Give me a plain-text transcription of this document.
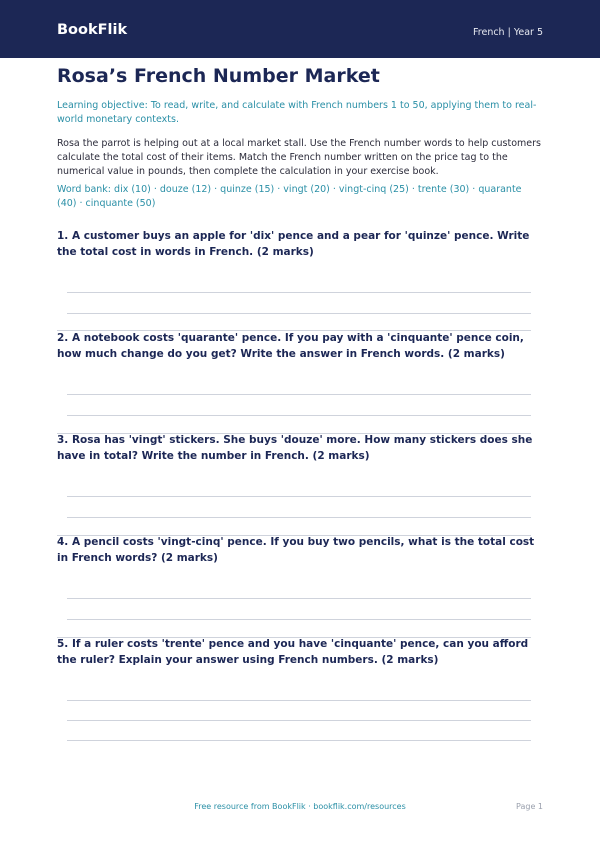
BookFlik	French | Year 5
Rosa’s French Number Market
Learning objective: To read, write, and calculate with French numbers 1 to 50, applying them to real-world monetary contexts.
Rosa the parrot is helping out at a local market stall. Use the French number words to help customers calculate the total cost of their items. Match the French number written on the price tag to the numerical value in pounds, then complete the calculation in your exercise book.
Word bank: dix (10) · douze (12) · quinze (15) · vingt (20) · vingt-cinq (25) · trente (30) · quarante (40) · cinquante (50)
1. A customer buys an apple for 'dix' pence and a pear for 'quinze' pence. Write the total cost in words in French. (2 marks)
2. A notebook costs 'quarante' pence. If you pay with a 'cinquante' pence coin, how much change do you get? Write the answer in French words. (2 marks)
3. Rosa has 'vingt' stickers. She buys 'douze' more. How many stickers does she have in total? Write the number in French. (2 marks)
4. A pencil costs 'vingt-cinq' pence. If you buy two pencils, what is the total cost in French words? (2 marks)
5. If a ruler costs 'trente' pence and you have 'cinquante' pence, can you afford the ruler? Explain your answer using French numbers. (2 marks)
Free resource from BookFlik · bookflik.com/resources	Page 1
